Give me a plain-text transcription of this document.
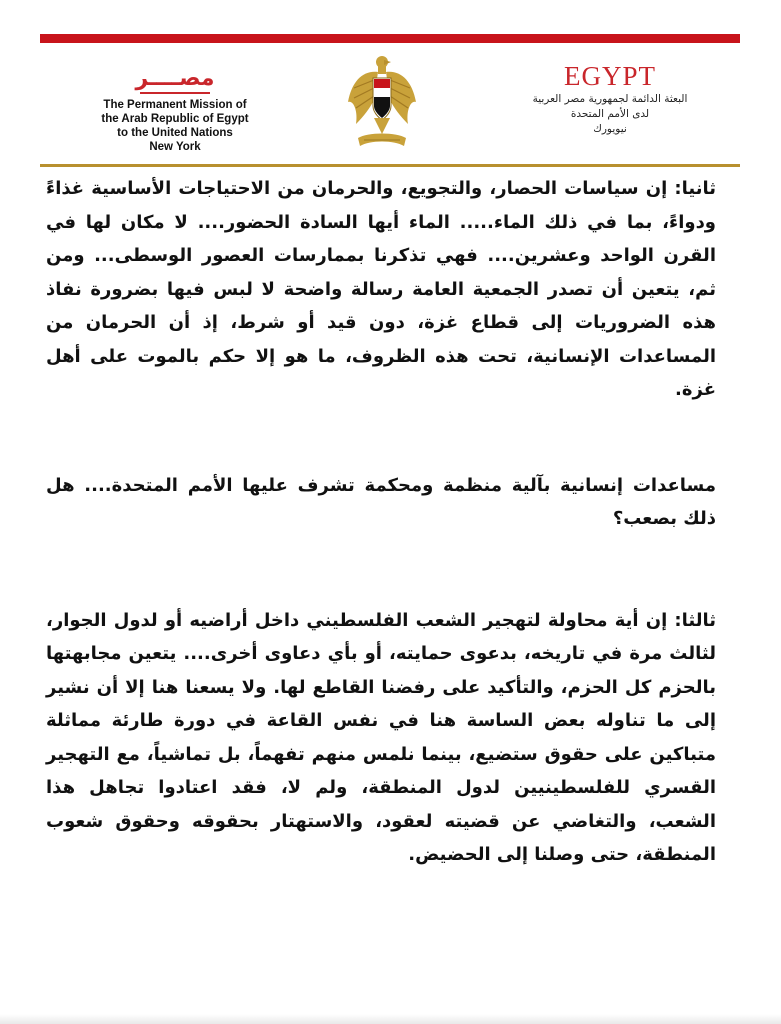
مصــــر
The Permanent Mission of
the Arab Republic of Egypt
to the United Nations
New York
EGYPT
البعثة الدائمة لجمهورية مصر العربية
لدى الأمم المتحدة
نيويورك

ثانيا: إن سياسات الحصار، والتجويع، والحرمان من الاحتياجات الأساسية غذاءً ودواءً، بما في ذلك الماء..... الماء أيها السادة الحضور.... لا مكان لها في القرن الواحد وعشرين.... فهي تذكرنا بممارسات العصور الوسطى... ومن ثم، يتعين أن تصدر الجمعية العامة رسالة واضحة لا لبس فيها بضرورة نفاذ هذه الضروريات إلى قطاع غزة، دون قيد أو شرط، إذ أن الحرمان من المساعدات الإنسانية، تحت هذه الظروف، ما هو إلا حكم بالموت على أهل غزة.

مساعدات إنسانية بآلية منظمة ومحكمة تشرف عليها الأمم المتحدة.... هل ذلك بصعب؟

ثالثا: إن أية محاولة لتهجير الشعب الفلسطيني داخل أراضيه أو لدول الجوار، لثالث مرة في تاريخه، بدعوى حمايته، أو بأي دعاوى أخرى.... يتعين مجابهتها بالحزم كل الحزم، والتأكيد على رفضنا القاطع لها. ولا يسعنا هنا إلا أن نشير إلى ما تناوله بعض الساسة هنا في نفس القاعة في دورة طارئة مماثلة متباكين على حقوق ستضيع، بينما نلمس منهم تفهماً، بل تماشياً، مع التهجير القسري للفلسطينيين لدول المنطقة، ولم لا، فقد اعتادوا تجاهل هذا الشعب، والتغاضي عن قضيته لعقود، والاستهتار بحقوقه وحقوق شعوب المنطقة، حتى وصلنا إلى الحضيض.
